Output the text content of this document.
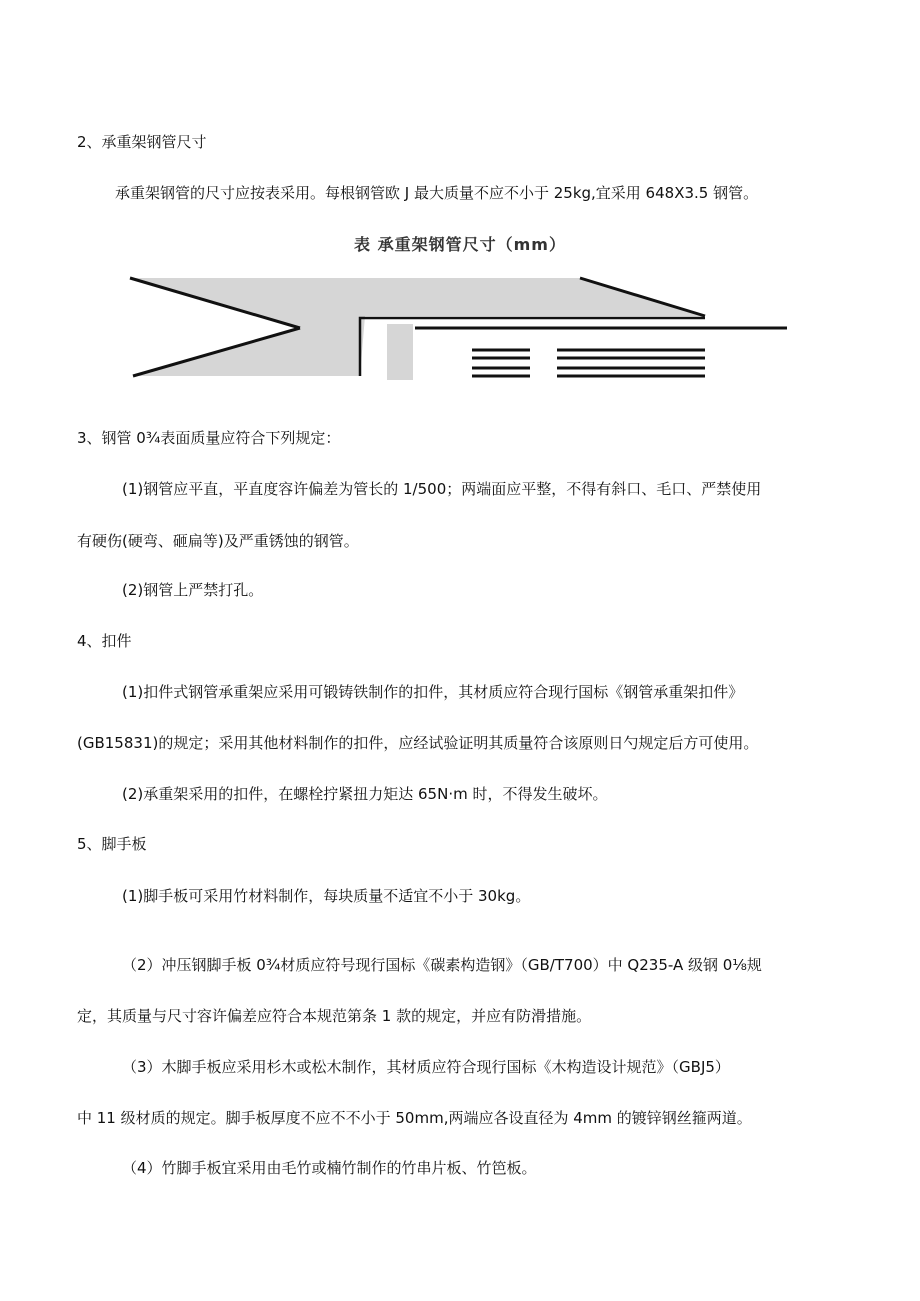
2、承重架钢管尺寸

承重架钢管的尺寸应按表采用。每根钢管欧 J 最大质量不应不小于 25kg,宜采用 648X3.5 钢管。

表 承重架钢管尺寸（mm）

3、钢管 0¾表面质量应符合下列规定：

(1)钢管应平直，平直度容许偏差为管长的 1/500；两端面应平整，不得有斜口、毛口、严禁使用

有硬伤(硬弯、砸扁等)及严重锈蚀的钢管。

(2)钢管上严禁打孔。

4、扣件

(1)扣件式钢管承重架应采用可锻铸铁制作的扣件，其材质应符合现行国标《钢管承重架扣件》

(GB15831)的规定；采用其他材料制作的扣件，应经试验证明其质量符合该原则日勺规定后方可使用。

(2)承重架采用的扣件，在螺栓拧紧扭力矩达 65N·m 时，不得发生破坏。

5、脚手板

(1)脚手板可采用竹材料制作，每块质量不适宜不小于 30kg。

（2）冲压钢脚手板 0¾材质应符号现行国标《碳素构造钢》（GB/T700）中 Q235-A 级钢 0⅛规

定，其质量与尺寸容许偏差应符合本规范第条 1 款的规定，并应有防滑措施。

（3）木脚手板应采用杉木或松木制作，其材质应符合现行国标《木构造设计规范》（GBJ5）

中 11 级材质的规定。脚手板厚度不应不不小于 50mm,两端应各设直径为 4mm 的镀锌钢丝箍两道。

（4）竹脚手板宜采用由毛竹或楠竹制作的竹串片板、竹笆板。
